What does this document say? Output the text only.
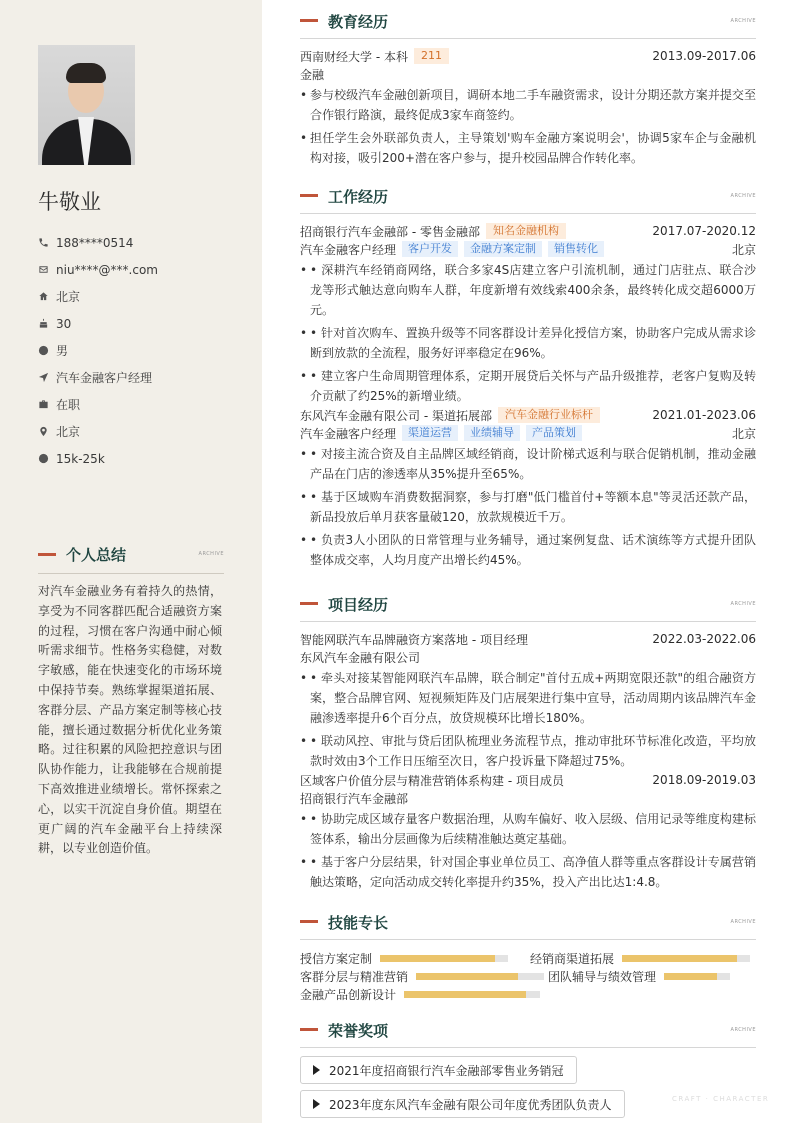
牛敬业
188****0514
niu****@***.com
北京
30
男
汽车金融客户经理
在职
北京
15k-25k
个人总结	ARCHIVE

对汽车金融业务有着持久的热情，享受为不同客群匹配合适融资方案的过程，习惯在客户沟通中耐心倾听需求细节。性格务实稳健，对数字敏感，能在快速变化的市场环境中保持节奏。熟练掌握渠道拓展、客群分层、产品方案定制等核心技能，擅长通过数据分析优化业务策略。过往积累的风险把控意识与团队协作能力，让我能够在合规前提下高效推进业绩增长。常怀探索之心，以实干沉淀自身价值。期望在更广阔的汽车金融平台上持续深耕，以专业创造价值。

教育经历	ARCHIVE
西南财经大学 - 本科	211	2013.09-2017.06
金融
• 参与校级汽车金融创新项目，调研本地二手车融资需求，设计分期还款方案并提交至合作银行路演，最终促成3家车商签约。
• 担任学生会外联部负责人，主导策划'购车金融方案说明会'，协调5家车企与金融机构对接，吸引200+潜在客户参与，提升校园品牌合作转化率。
工作经历	ARCHIVE
招商银行汽车金融部 - 零售金融部	知名金融机构	2017.07-2020.12
汽车金融客户经理	客户开发	金融方案定制	销售转化	北京
• • 深耕汽车经销商网络，联合多家4S店建立客户引流机制，通过门店驻点、联合沙龙等形式触达意向购车人群，年度新增有效线索400余条，最终转化成交超6000万元。
• • 针对首次购车、置换升级等不同客群设计差异化授信方案，协助客户完成从需求诊断到放款的全流程，服务好评率稳定在96%。
• • 建立客户生命周期管理体系，定期开展贷后关怀与产品升级推荐，老客户复购及转介贡献了约25%的新增业绩。
东风汽车金融有限公司 - 渠道拓展部	汽车金融行业标杆	2021.01-2023.06
汽车金融客户经理	渠道运营	业绩辅导	产品策划	北京
• • 对接主流合资及自主品牌区域经销商，设计阶梯式返利与联合促销机制，推动金融产品在门店的渗透率从35%提升至65%。
• • 基于区域购车消费数据洞察，参与打磨"低门槛首付+等额本息"等灵活还款产品，新品投放后单月获客量破120，放款规模近千万。
• • 负责3人小团队的日常管理与业务辅导，通过案例复盘、话术演练等方式提升团队整体成交率，人均月度产出增长约45%。
项目经历	ARCHIVE
智能网联汽车品牌融资方案落地 - 项目经理	2022.03-2022.06
东风汽车金融有限公司
• • 牵头对接某智能网联汽车品牌，联合制定"首付五成+两期宽限还款"的组合融资方案，整合品牌官网、短视频矩阵及门店展架进行集中宣导，活动周期内该品牌汽车金融渗透率提升6个百分点，放贷规模环比增长180%。
• • 联动风控、审批与贷后团队梳理业务流程节点，推动审批环节标准化改造，平均放款时效由3个工作日压缩至次日，客户投诉量下降超过75%。
区域客户价值分层与精准营销体系构建 - 项目成员	2018.09-2019.03
招商银行汽车金融部
• • 协助完成区域存量客户数据治理，从购车偏好、收入层级、信用记录等维度构建标签体系，输出分层画像为后续精准触达奠定基础。
• • 基于客户分层结果，针对国企事业单位员工、高净值人群等重点客群设计专属营销触达策略，定向活动成交转化率提升约35%，投入产出比达1:4.8。
技能专长	ARCHIVE
授信方案定制	经销商渠道拓展
客群分层与精准营销	团队辅导与绩效管理
金融产品创新设计
荣誉奖项	ARCHIVE
2021年度招商银行汽车金融部零售业务销冠
2023年度东风汽车金融有限公司年度优秀团队负责人	CRAFT · CHARACTER
